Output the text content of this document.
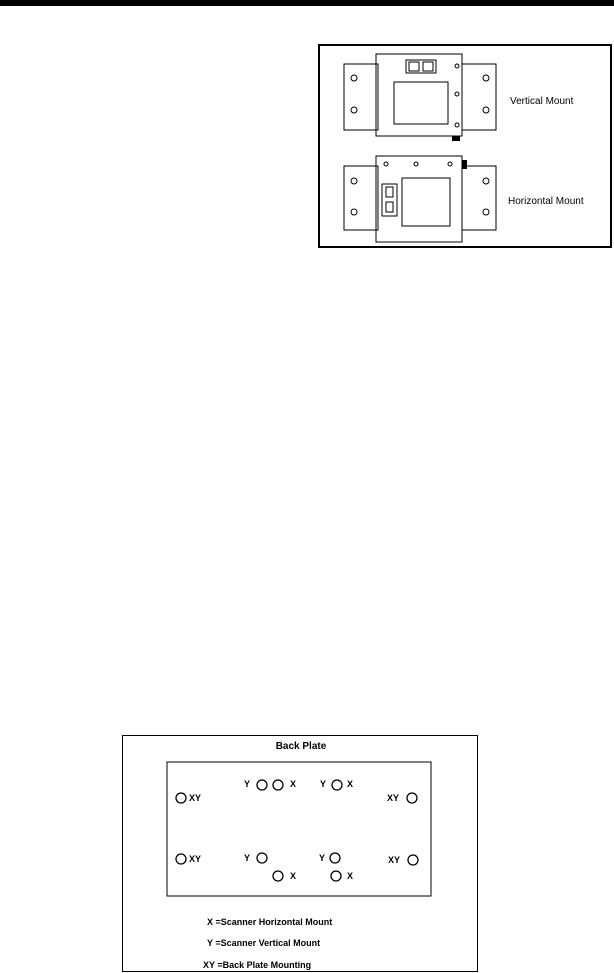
Vertical Mount
Horizontal Mount
Back Plate
XY
Y	X	Y X
XY
XY	Y
X
Y
X
XY
X =Scanner Horizontal Mount
Y =Scanner Vertical Mount
XY =Back Plate Mounting
